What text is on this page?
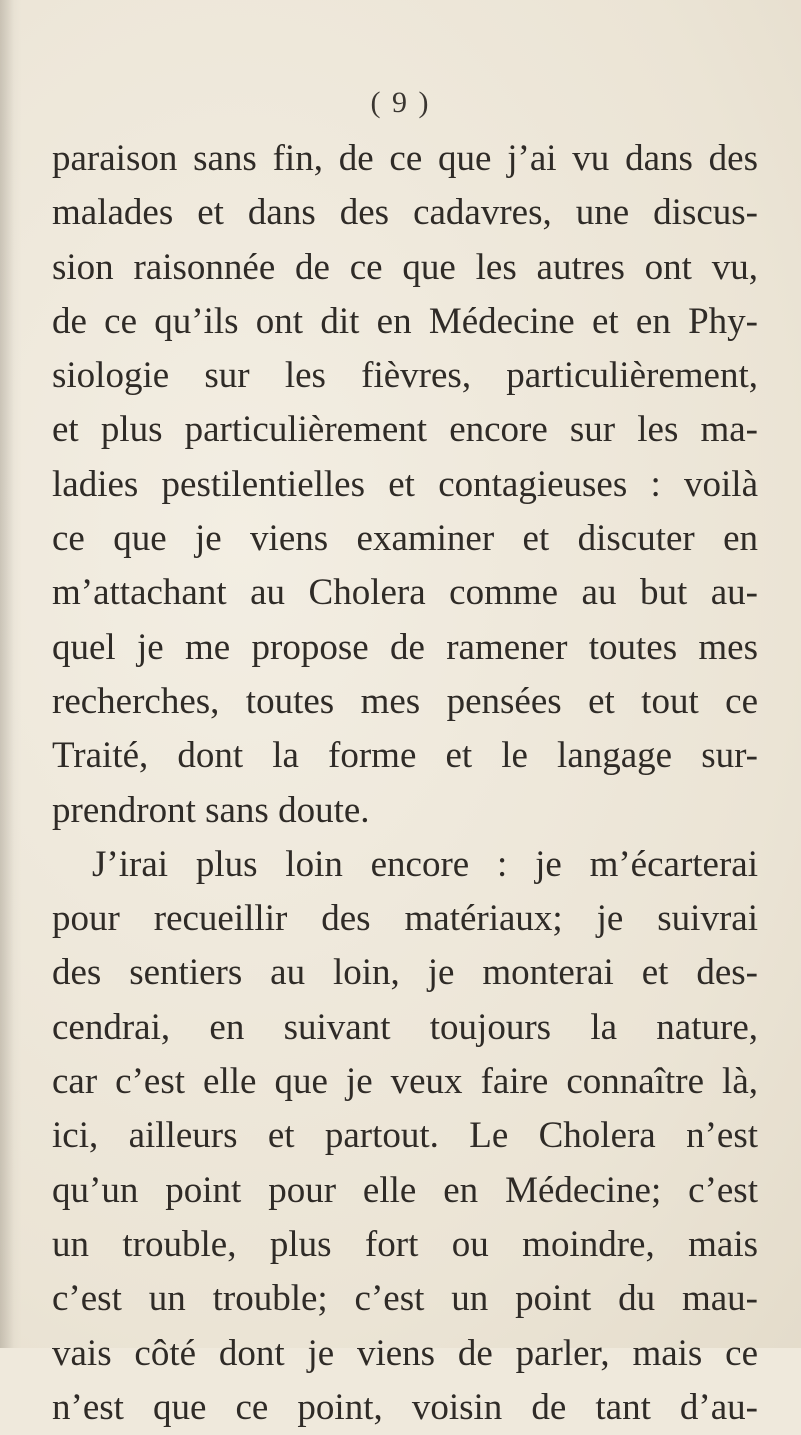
( 9 )
paraison sans fin, de ce que j’ai vu dans des
malades et dans des cadavres, une discus-
sion raisonnée de ce que les autres ont vu,
de ce qu’ils ont dit en Médecine et en Phy-
siologie sur les fièvres, particulièrement,
et plus particulièrement encore sur les ma-
ladies pestilentielles et contagieuses : voilà
ce que je viens examiner et discuter en
m’attachant au Cholera comme au but au-
quel je me propose de ramener toutes mes
recherches, toutes mes pensées et tout ce
Traité, dont la forme et le langage sur-
prendront sans doute.
J’irai plus loin encore : je m’écarterai
pour recueillir des matériaux; je suivrai
des sentiers au loin, je monterai et des-
cendrai, en suivant toujours la nature,
car c’est elle que je veux faire connaître là,
ici, ailleurs et partout. Le Cholera n’est
qu’un point pour elle en Médecine; c’est
un trouble, plus fort ou moindre, mais
c’est un trouble; c’est un point du mau-
vais côté dont je viens de parler, mais ce
n’est que ce point, voisin de tant d’au-
